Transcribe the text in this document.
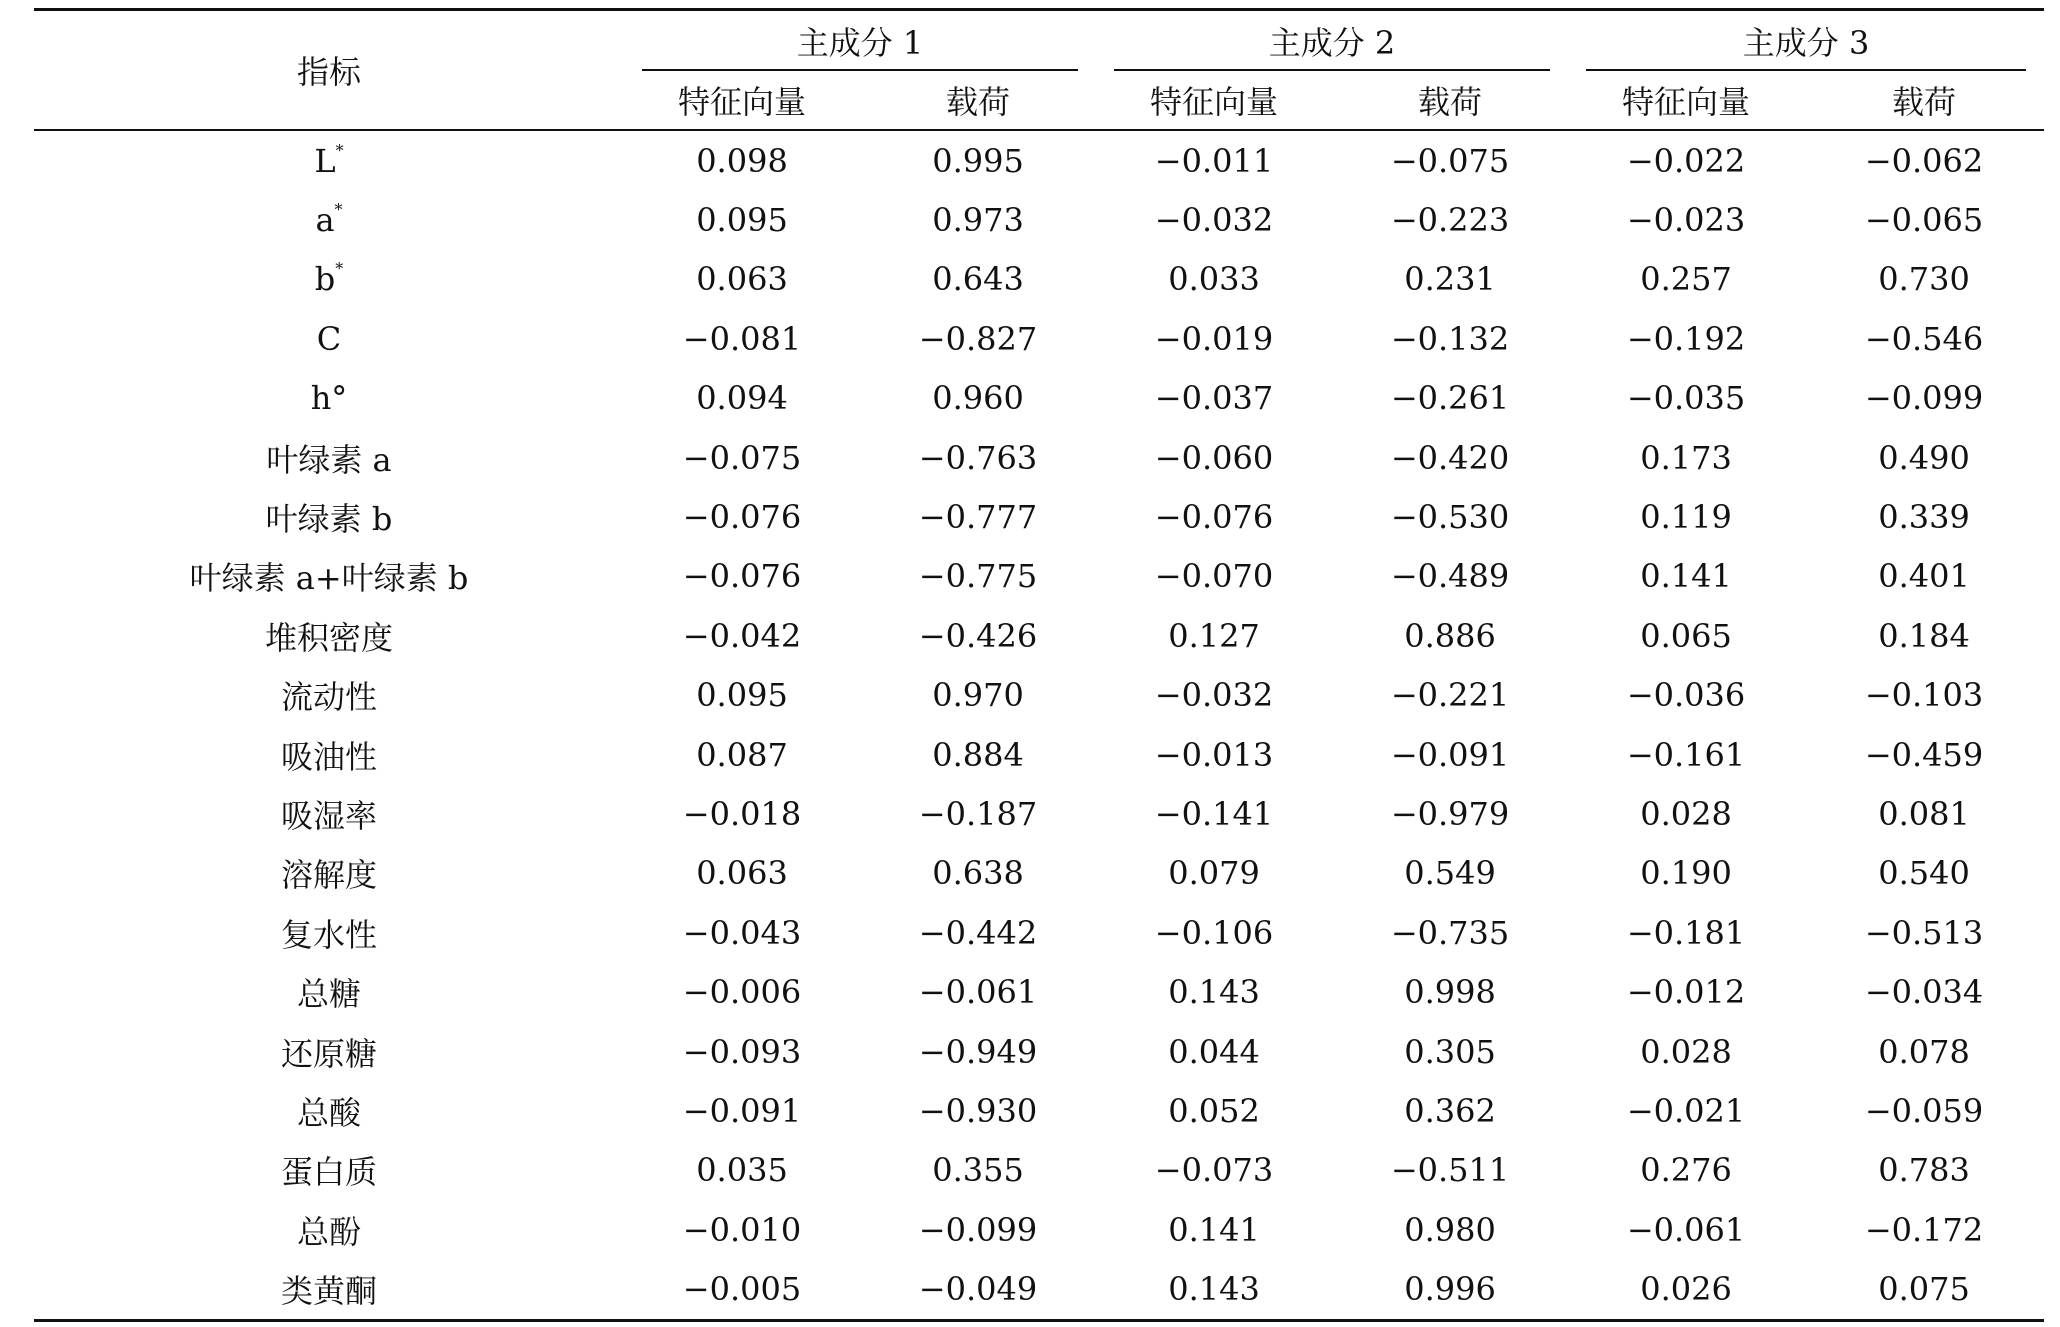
指标	主成分 1		主成分 2		主成分 3	
	特征向量	载荷	特征向量	载荷	特征向量	载荷
L*	0.098	0.995	−0.011	−0.075	−0.022	−0.062
a*	0.095	0.973	−0.032	−0.223	−0.023	−0.065
b*	0.063	0.643	0.033	0.231	0.257	0.730
C	−0.081	−0.827	−0.019	−0.132	−0.192	−0.546
h°	0.094	0.960	−0.037	−0.261	−0.035	−0.099
叶绿素 a	−0.075	−0.763	−0.060	−0.420	0.173	0.490
叶绿素 b	−0.076	−0.777	−0.076	−0.530	0.119	0.339
叶绿素 a+叶绿素 b	−0.076	−0.775	−0.070	−0.489	0.141	0.401
堆积密度	−0.042	−0.426	0.127	0.886	0.065	0.184
流动性	0.095	0.970	−0.032	−0.221	−0.036	−0.103
吸油性	0.087	0.884	−0.013	−0.091	−0.161	−0.459
吸湿率	−0.018	−0.187	−0.141	−0.979	0.028	0.081
溶解度	0.063	0.638	0.079	0.549	0.190	0.540
复水性	−0.043	−0.442	−0.106	−0.735	−0.181	−0.513
总糖	−0.006	−0.061	0.143	0.998	−0.012	−0.034
还原糖	−0.093	−0.949	0.044	0.305	0.028	0.078
总酸	−0.091	−0.930	0.052	0.362	−0.021	−0.059
蛋白质	0.035	0.355	−0.073	−0.511	0.276	0.783
总酚	−0.010	−0.099	0.141	0.980	−0.061	−0.172
类黄酮	−0.005	−0.049	0.143	0.996	0.026	0.075
